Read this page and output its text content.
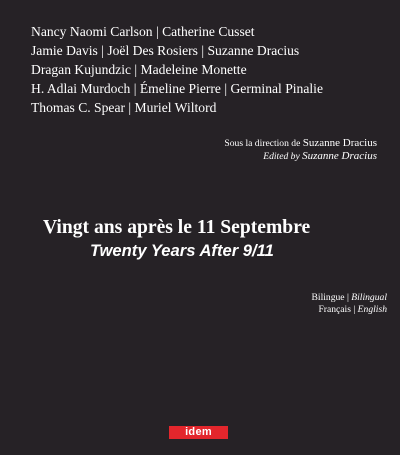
Nancy Naomi Carlson | Catherine Cusset
Jamie Davis | Joël Des Rosiers | Suzanne Dracius
Dragan Kujundzic | Madeleine Monette
H. Adlai Murdoch | Émeline Pierre | Germinal Pinalie
Thomas C. Spear | Muriel Wiltord
Sous la direction de Suzanne Dracius
Edited by Suzanne Dracius
Vingt ans après le 11 Septembre
Twenty Years After 9/11
Bilingue | Bilingual
Français | English
idem
